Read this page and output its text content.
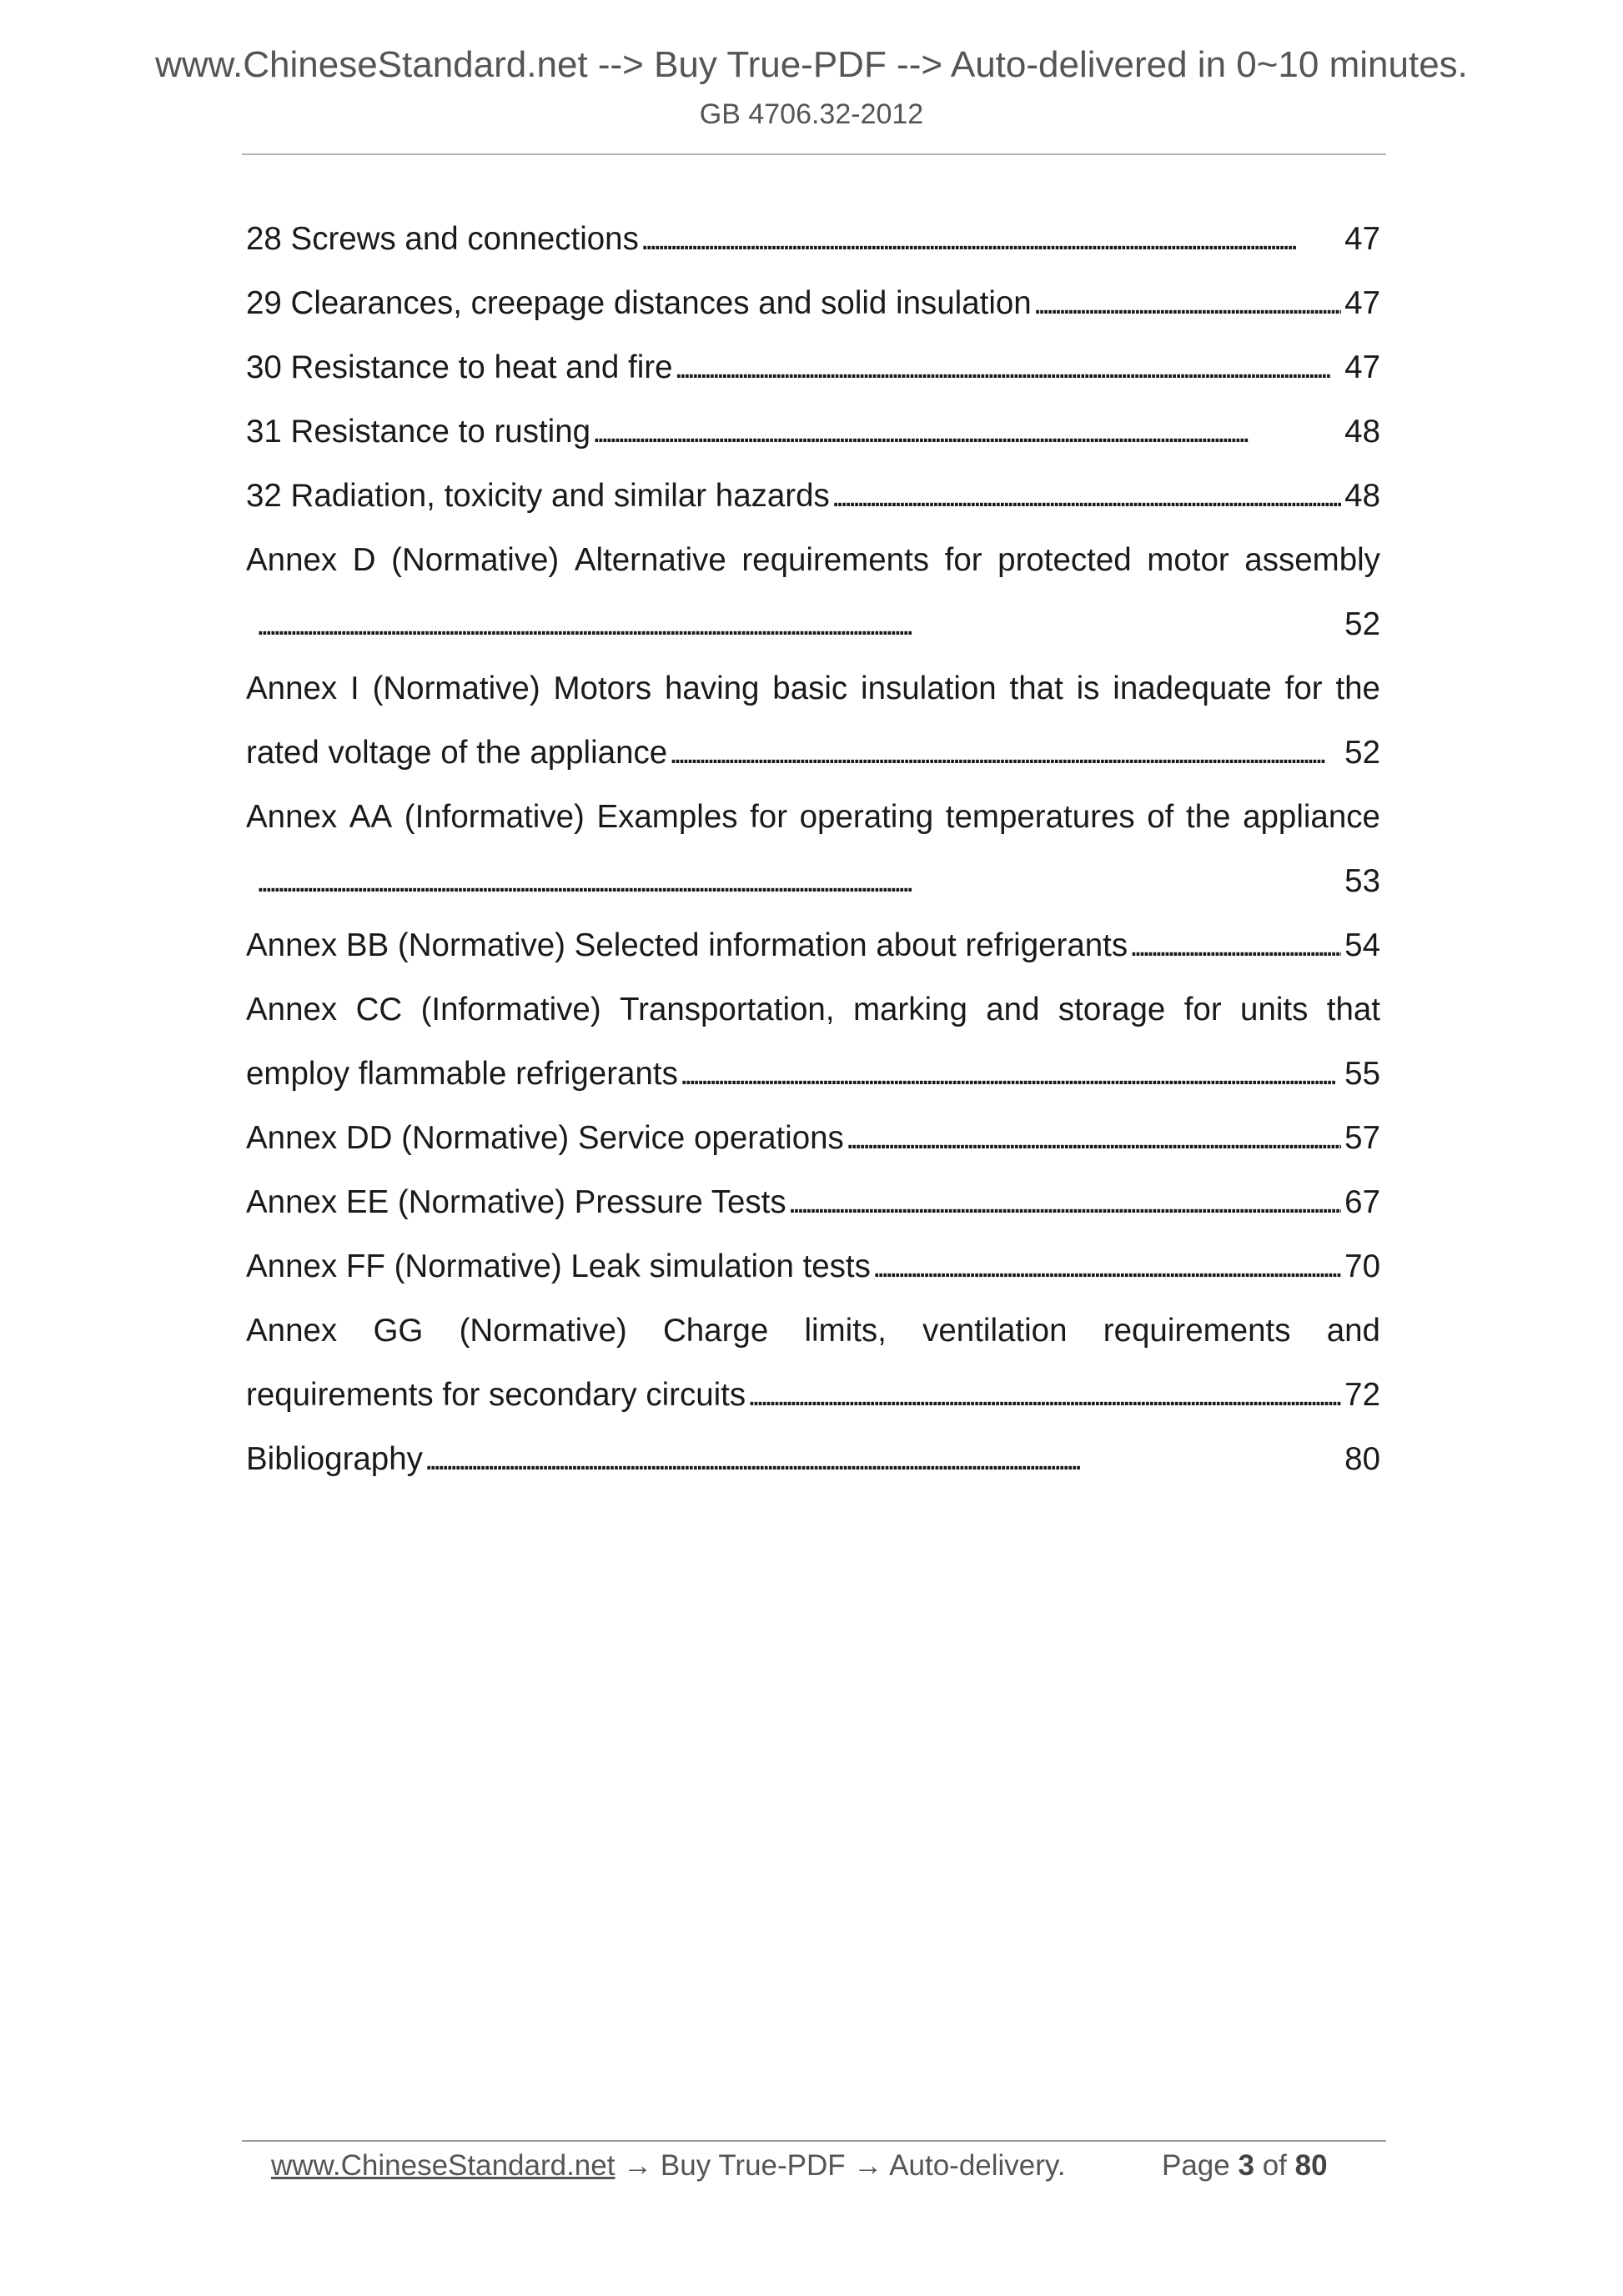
www.ChineseStandard.net --> Buy True-PDF --> Auto-delivered in 0~10 minutes.
GB 4706.32-2012
28 Screws and connections . . .	47
29 Clearances, creepage distances and solid insulation . . .	47
30 Resistance to heat and fire . . .	47
31 Resistance to rusting . . .	48
32 Radiation, toxicity and similar hazards . . .	48
Annex D (Normative) Alternative requirements for protected motor assembly
. . .
52
Annex I (Normative) Motors having basic insulation that is inadequate for the
rated voltage of the appliance . . .	52
Annex AA (Informative) Examples for operating temperatures of the appliance
. . .
53
Annex BB (Normative) Selected information about refrigerants . . .	54
Annex CC (Informative) Transportation, marking and storage for units that
employ flammable refrigerants . . .	55
Annex DD (Normative) Service operations . . .	57
Annex EE (Normative) Pressure Tests . . .	67
Annex FF (Normative) Leak simulation tests . . .	70
Annex GG (Normative) Charge limits, ventilation requirements and
requirements for secondary circuits . . .	72
Bibliography . . .	80
www.ChineseStandard.net → Buy True-PDF → Auto-delivery.	Page 3 of 80
